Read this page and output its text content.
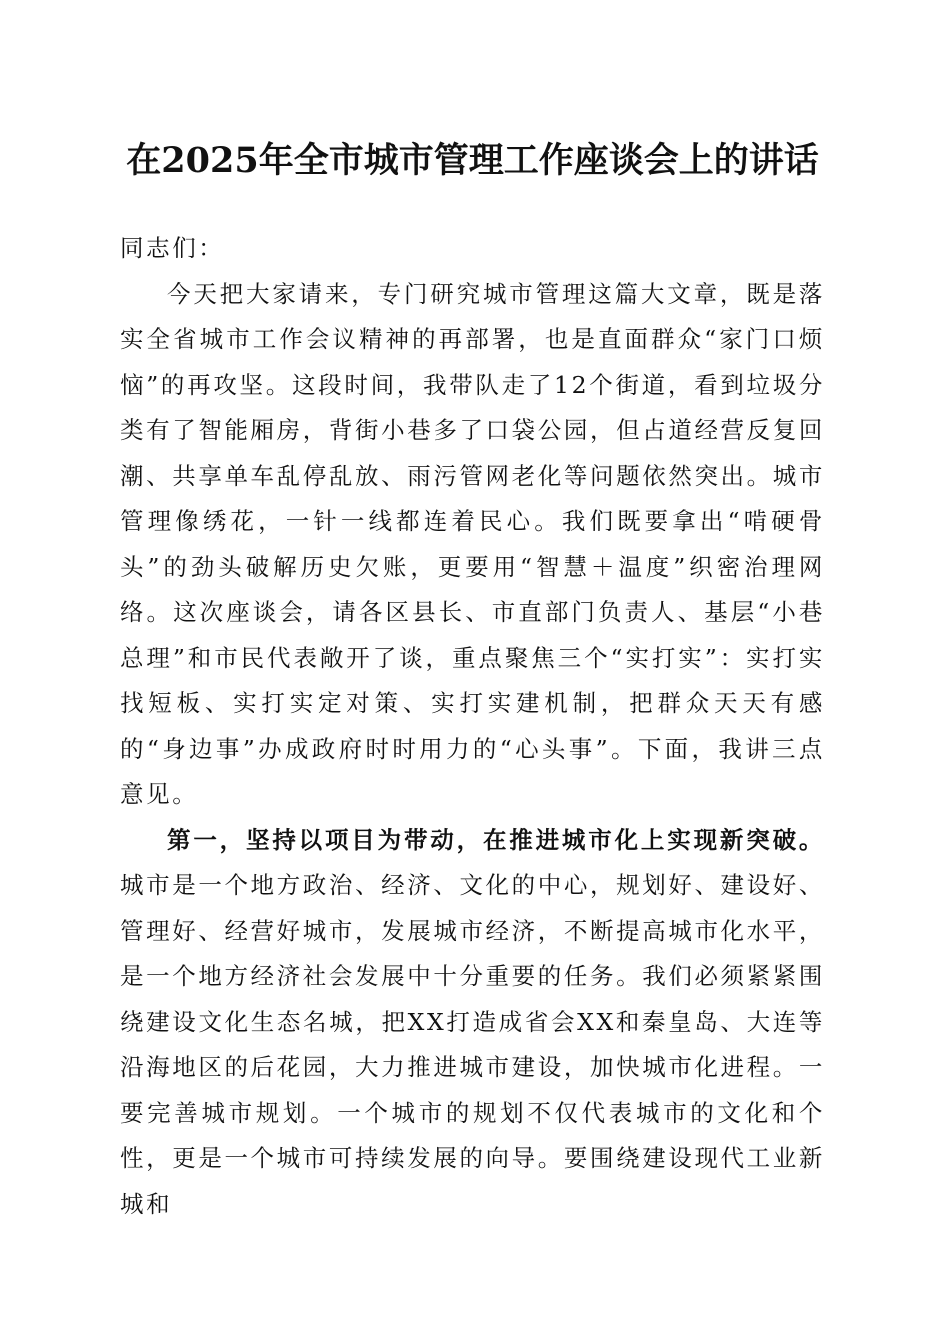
在2025年全市城市管理工作座谈会上的讲话

同志们：

今天把大家请来，专门研究城市管理这篇大文章，既是落实全省城市工作会议精神的再部署，也是直面群众“家门口烦恼”的再攻坚。这段时间，我带队走了12个街道，看到垃圾分类有了智能厢房，背街小巷多了口袋公园，但占道经营反复回潮、共享单车乱停乱放、雨污管网老化等问题依然突出。城市管理像绣花，一针一线都连着民心。我们既要拿出“啃硬骨头”的劲头破解历史欠账，更要用“智慧＋温度”织密治理网络。这次座谈会，请各区县长、市直部门负责人、基层“小巷总理”和市民代表敞开了谈，重点聚焦三个“实打实”：实打实找短板、实打实定对策、实打实建机制，把群众天天有感的“身边事”办成政府时时用力的“心头事”。下面，我讲三点意见。

第一，坚持以项目为带动，在推进城市化上实现新突破。城市是一个地方政治、经济、文化的中心，规划好、建设好、管理好、经营好城市，发展城市经济，不断提高城市化水平，是一个地方经济社会发展中十分重要的任务。我们必须紧紧围绕建设文化生态名城，把XX打造成省会XX和秦皇岛、大连等沿海地区的后花园，大力推进城市建设，加快城市化进程。一要完善城市规划。一个城市的规划不仅代表城市的文化和个性，更是一个城市可持续发展的向导。要围绕建设现代工业新城和
